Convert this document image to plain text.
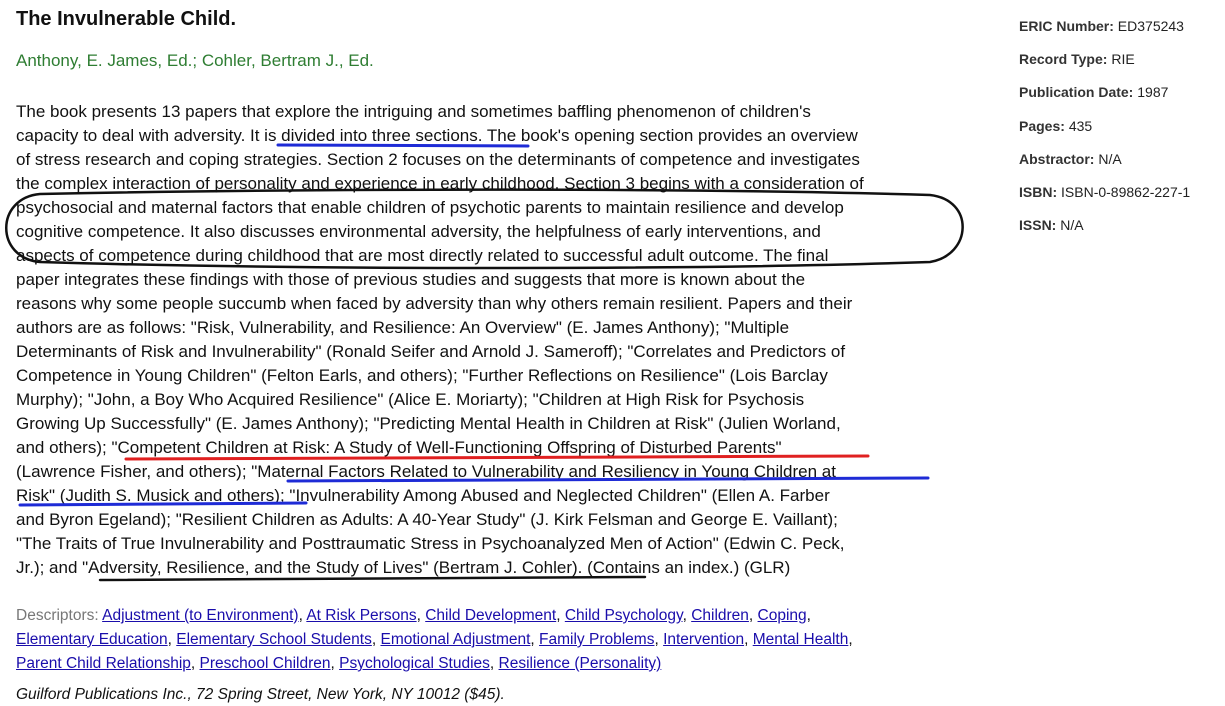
The Invulnerable Child.
Anthony, E. James, Ed.; Cohler, Bertram J., Ed.
The book presents 13 papers that explore the intriguing and sometimes baffling phenomenon of children's
capacity to deal with adversity. It is divided into three sections. The book's opening section provides an overview
of stress research and coping strategies. Section 2 focuses on the determinants of competence and investigates
the complex interaction of personality and experience in early childhood. Section 3 begins with a consideration of
psychosocial and maternal factors that enable children of psychotic parents to maintain resilience and develop
cognitive competence. It also discusses environmental adversity, the helpfulness of early interventions, and
aspects of competence during childhood that are most directly related to successful adult outcome. The final
paper integrates these findings with those of previous studies and suggests that more is known about the
reasons why some people succumb when faced by adversity than why others remain resilient. Papers and their
authors are as follows: "Risk, Vulnerability, and Resilience: An Overview" (E. James Anthony); "Multiple
Determinants of Risk and Invulnerability" (Ronald Seifer and Arnold J. Sameroff); "Correlates and Predictors of
Competence in Young Children" (Felton Earls, and others); "Further Reflections on Resilience" (Lois Barclay
Murphy); "John, a Boy Who Acquired Resilience" (Alice E. Moriarty); "Children at High Risk for Psychosis
Growing Up Successfully" (E. James Anthony); "Predicting Mental Health in Children at Risk" (Julien Worland,
and others); "Competent Children at Risk: A Study of Well-Functioning Offspring of Disturbed Parents"
(Lawrence Fisher, and others); "Maternal Factors Related to Vulnerability and Resiliency in Young Children at
Risk" (Judith S. Musick and others); "Invulnerability Among Abused and Neglected Children" (Ellen A. Farber
and Byron Egeland); "Resilient Children as Adults: A 40-Year Study" (J. Kirk Felsman and George E. Vaillant);
"The Traits of True Invulnerability and Posttraumatic Stress in Psychoanalyzed Men of Action" (Edwin C. Peck,
Jr.); and "Adversity, Resilience, and the Study of Lives" (Bertram J. Cohler). (Contains an index.) (GLR)
Descriptors: Adjustment (to Environment), At Risk Persons, Child Development, Child Psychology, Children, Coping,
Elementary Education, Elementary School Students, Emotional Adjustment, Family Problems, Intervention, Mental Health,
Parent Child Relationship, Preschool Children, Psychological Studies, Resilience (Personality)
Guilford Publications Inc., 72 Spring Street, New York, NY 10012 ($45).
ERIC Number: ED375243
Record Type: RIE
Publication Date: 1987
Pages: 435
Abstractor: N/A
ISBN: ISBN-0-89862-227-1
ISSN: N/A
